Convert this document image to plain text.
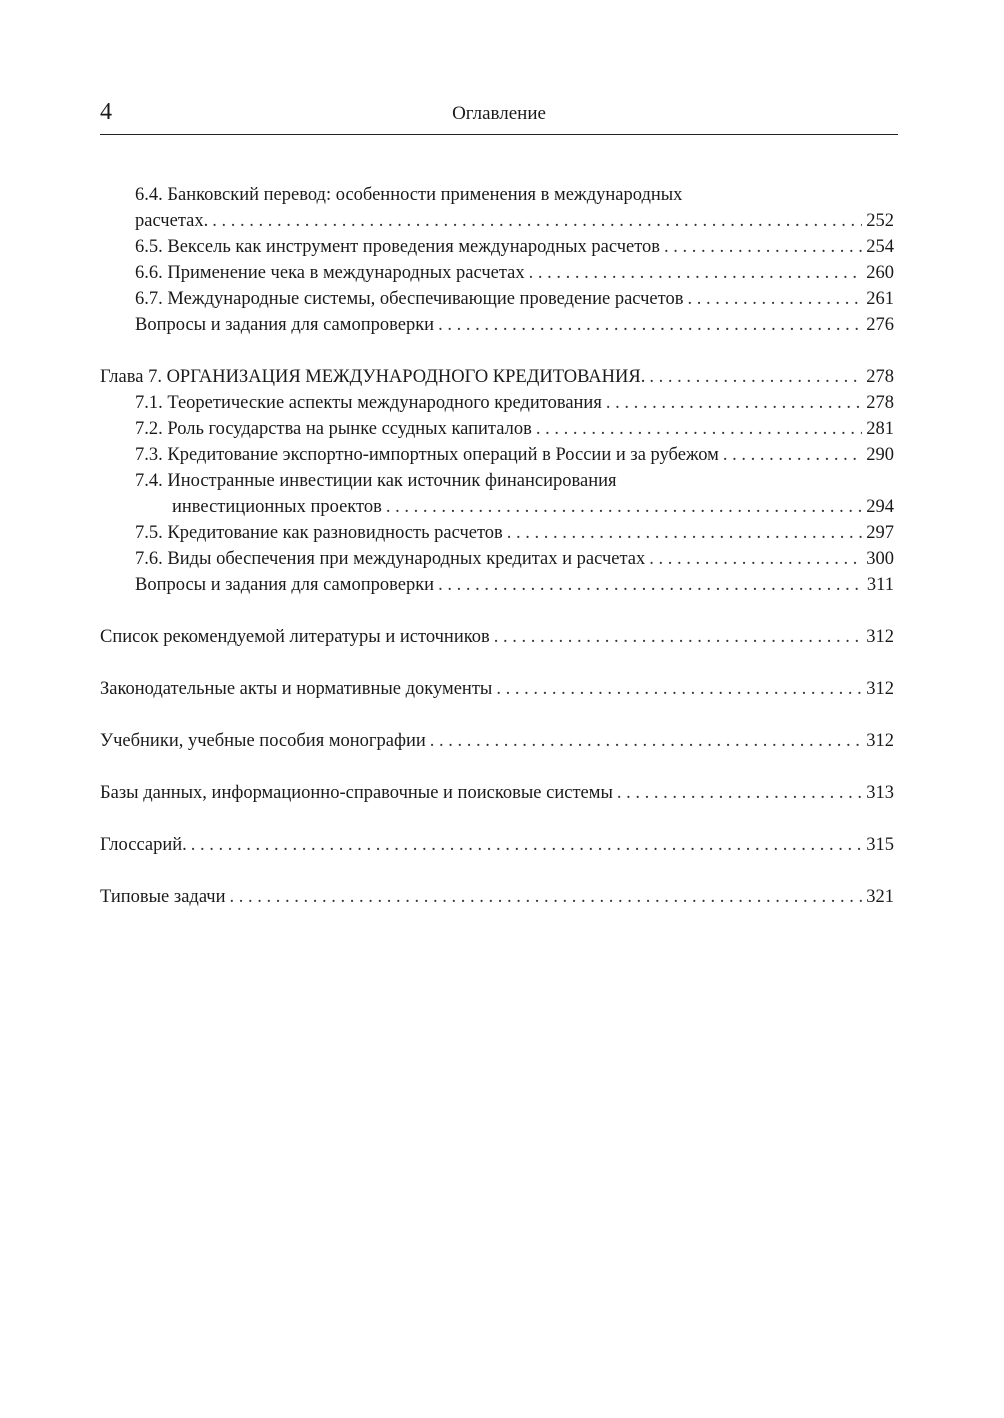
4	Оглавление
6.4. Банковский перевод: особенности применения в международных
расчетах. . . .	252
6.5. Вексель как инструмент проведения международных расчетов . . .	254
6.6. Применение чека в международных расчетах . . .	260
6.7. Международные системы, обеспечивающие проведение расчетов . . .	261
Вопросы и задания для самопроверки . . .	276
Глава 7. ОРГАНИЗАЦИЯ МЕЖДУНАРОДНОГО КРЕДИТОВАНИЯ. . . .	278
7.1. Теоретические аспекты международного кредитования . . .	278
7.2. Роль государства на рынке ссудных капиталов . . .	281
7.3. Кредитование экспортно-импортных операций в России и за рубежом . . .	290
7.4. Иностранные инвестиции как источник финансирования
инвестиционных проектов . . .	294
7.5. Кредитование как разновидность расчетов . . .	297
7.6. Виды обеспечения при международных кредитах и расчетах . . .	300
Вопросы и задания для самопроверки . . .	311
Список рекомендуемой литературы и источников . . .	312
Законодательные акты и нормативные документы . . .	312
Учебники, учебные пособия монографии . . .	312
Базы данных, информационно-справочные и поисковые системы . . .	313
Глоссарий. . . .	315
Типовые задачи . . .	321
